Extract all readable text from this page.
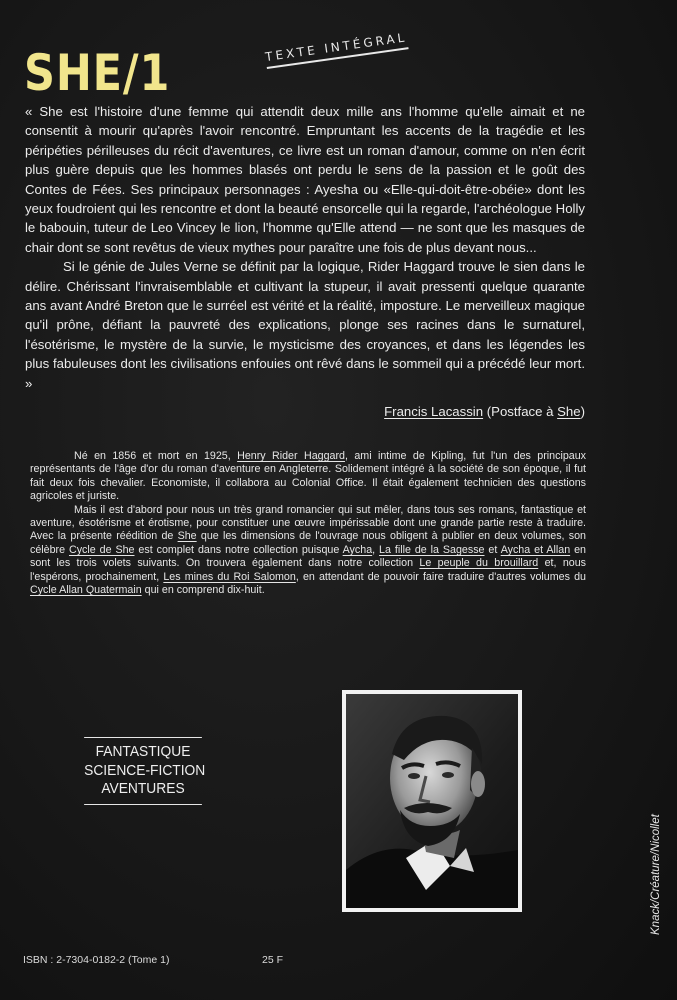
SHE/1	TEXTE INTÉGRAL

« She est l'histoire d'une femme qui attendit deux mille ans l'homme qu'elle aimait et ne consentit à mourir qu'après l'avoir rencontré. Empruntant les accents de la tragédie et les péripéties périlleuses du récit d'aventures, ce livre est un roman d'amour, comme on n'en écrit plus guère depuis que les hommes blasés ont perdu le sens de la passion et le goût des Contes de Fées. Ses principaux personnages : Ayesha ou «Elle-qui-doit-être-obéie» dont les yeux foudroient qui les rencontre et dont la beauté ensorcelle qui la regarde, l'archéologue Holly le babouin, tuteur de Leo Vincey le lion, l'homme qu'Elle attend — ne sont que les masques de chair dont se sont revêtus de vieux mythes pour paraître une fois de plus devant nous...

Si le génie de Jules Verne se définit par la logique, Rider Haggard trouve le sien dans le délire. Chérissant l'invraisemblable et cultivant la stupeur, il avait pressenti quelque quarante ans avant André Breton que le surréel est vérité et la réalité, imposture. Le merveilleux magique qu'il prône, défiant la pauvreté des explications, plonge ses racines dans le surnaturel, l'ésotérisme, le mystère de la survie, le mysticisme des croyances, et dans les légendes les plus fabuleuses dont les civilisations enfouies ont rêvé dans le sommeil qui a précédé leur mort. »

Francis Lacassin (Postface à She)

Né en 1856 et mort en 1925, Henry Rider Haggard, ami intime de Kipling, fut l'un des principaux représentants de l'âge d'or du roman d'aventure en Angleterre. Solidement intégré à la société de son époque, il fut fait deux fois chevalier. Economiste, il collabora au Colonial Office. Il était également technicien des questions agricoles et juriste.

Mais il est d'abord pour nous un très grand romancier qui sut mêler, dans tous ses romans, fantastique et aventure, ésotérisme et érotisme, pour constituer une œuvre impérissable dont une grande partie reste à traduire. Avec la présente réédition de She que les dimensions de l'ouvrage nous obligent à publier en deux volumes, son célèbre Cycle de She est complet dans notre collection puisque Aycha, La fille de la Sagesse et Aycha et Allan en sont les trois volets suivants. On trouvera également dans notre collection Le peuple du brouillard et, nous l'espérons, prochainement, Les mines du Roi Salomon, en attendant de pouvoir faire traduire d'autres volumes du Cycle Allan Quatermain qui en comprend dix-huit.

FANTASTIQUE
SCIENCE-FICTION
AVENTURES
Knack/Créature/Nicollet
ISBN : 2-7304-0182-2 (Tome 1)	25 F
